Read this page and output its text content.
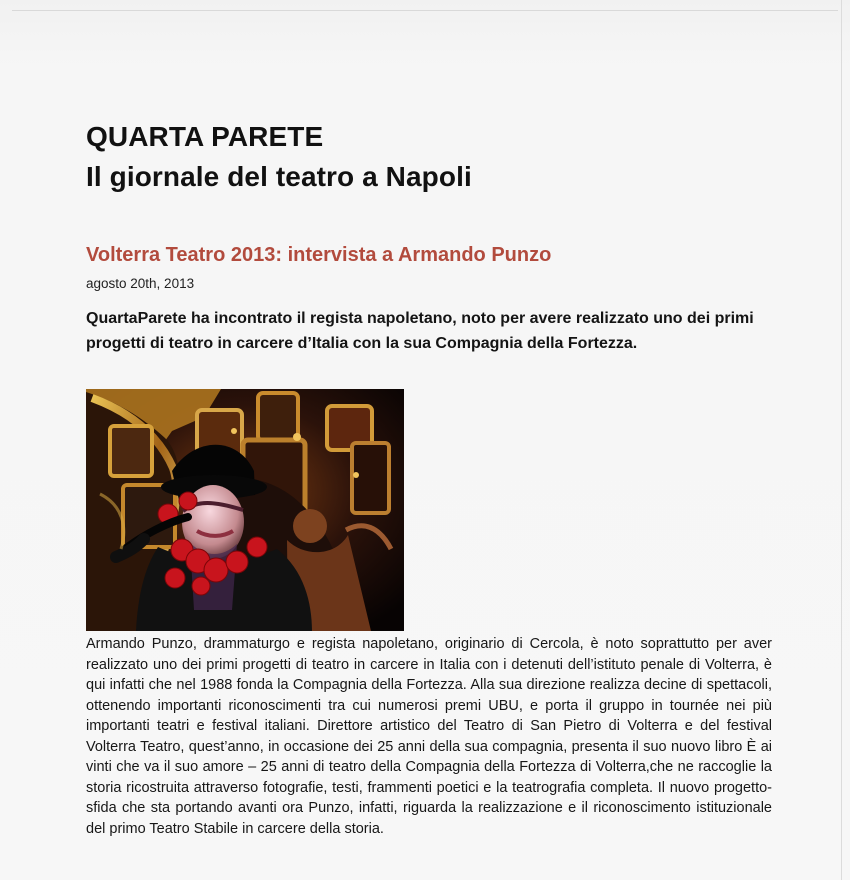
QUARTA PARETE
Il giornale del teatro a Napoli
Volterra Teatro 2013: intervista a Armando Punzo

agosto 20th, 2013

QuartaParete ha incontrato il regista napoletano, noto per avere realizzato uno dei primi progetti di teatro in carcere d’Italia con la sua Compagnia della Fortezza.

Armando Punzo, drammaturgo e regista napoletano, originario di Cercola, è noto soprattutto per aver realizzato uno dei primi progetti di teatro in carcere in Italia con i detenuti dell’istituto penale di Volterra, è qui infatti che nel 1988 fonda la Compagnia della Fortezza. Alla sua direzione realizza decine di spettacoli, ottenendo importanti riconoscimenti tra cui numerosi premi UBU, e porta il gruppo in tournée nei più importanti teatri e festival italiani. Direttore artistico del Teatro di San Pietro di Volterra e del festival Volterra Teatro, quest’anno, in occasione dei 25 anni della sua compagnia, presenta il suo nuovo libro È ai vinti che va il suo amore – 25 anni di teatro della Compagnia della Fortezza di Volterra,che ne raccoglie la storia ricostruita attraverso fotografie, testi, frammenti poetici e la teatrografia completa. Il nuovo progetto-sfida che sta portando avanti ora Punzo, infatti, riguarda la realizzazione e il riconoscimento istituzionale del primo Teatro Stabile in carcere della storia.
